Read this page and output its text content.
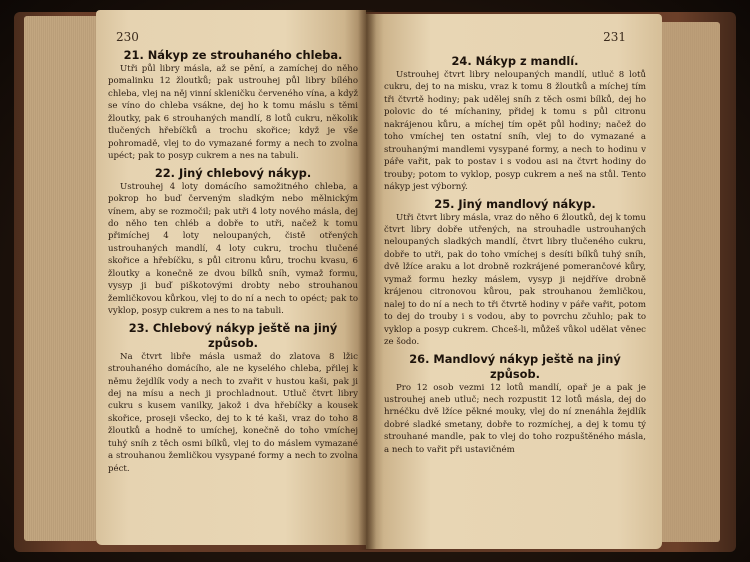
230
21. Nákyp ze strouhaného chleba.

Utři půl libry másla, až se pění, a zamíchej do něho pomalinku 12 žloutků; pak ustrouhej půl libry bílého chleba, vlej na něj vinní skleničku červeného vína, a když se víno do chleba vsákne, dej ho k tomu máslu s těmi žloutky, pak 6 strouhaných mandlí, 8 lotů cukru, několik tlučených hřebíčků a trochu skořice; když je vše pohromadě, vlej to do vymazané formy a nech to zvolna upéct; pak to posyp cukrem a nes na tabuli.

22. Jiný chlebový nákyp.

Ustrouhej 4 loty domácího samožitného chleba, a pokrop ho buď červeným sladkým nebo mělnickým vínem, aby se rozmočil; pak utři 4 loty nového másla, dej do něho ten chléb a dobře to utři, načež k tomu přimíchej 4 loty neloupaných, čistě otřených ustrouhaných mandlí, 4 loty cukru, trochu tlučené skořice a hřebíčku, s půl citronu kůru, trochu kvasu, 6 žloutky a konečně ze dvou bílků sníh, vymaž formu, vysyp ji buď piškotovými drobty nebo strouhanou žemličkovou kůrkou, vlej to do ní a nech to opéct; pak to vyklop, posyp cukrem a nes to na tabuli.

23. Chlebový nákyp ještě na jiný způsob.

Na čtvrt libře másla usmaž do zlatova 8 lžic strouhaného domácího, ale ne kyselého chleba, přilej k němu žejdlík vody a nech to zvařit v hustou kaši, pak ji dej na mísu a nech ji prochladnout. Utluč čtvrt libry cukru s kusem vanilky, jakož i dva hřebíčky a kousek skořice, proseji všecko, dej to k té kaši, vraz do toho 8 žloutků a hodně to umíchej, konečně do toho vmíchej tuhý sníh z těch osmi bílků, vlej to do máslem vymazané a strouhanou žemličkou vysypané formy a nech to zvolna péct.

231
24. Nákyp z mandlí.

Ustrouhej čtvrt libry neloupaných mandlí, utluč 8 lotů cukru, dej to na misku, vraz k tomu 8 žloutků a míchej tím tři čtvrtě hodiny; pak udělej sníh z těch osmi bílků, dej ho polovic do té míchaniny, přidej k tomu s půl citronu nakrájenou kůru, a míchej tím opět půl hodiny; načež do toho vmíchej ten ostatní sníh, vlej to do vymazané a strouhanými mandlemi vysypané formy, a nech to hodinu v páře vařit, pak to postav i s vodou asi na čtvrt hodiny do trouby; potom to vyklop, posyp cukrem a neš na stůl. Tento nákyp jest výborný.

25. Jiný mandlový nákyp.

Utři čtvrt libry másla, vraz do něho 6 žloutků, dej k tomu čtvrt libry dobře utřených, na strouhadle ustrouhaných neloupaných sladkých mandlí, čtvrt libry tlučeného cukru, dobře to utři, pak do toho vmíchej s desíti bílků tuhý sníh, dvě lžíce araku a lot drobně rozkrájené pomerančové kůry, vymaž formu hezky máslem, vysyp ji nejdříve drobně krájenou citronovou kůrou, pak strouhanou žemličkou, nalej to do ní a nech to tři čtvrtě hodiny v páře vařit, potom to dej do trouby i s vodou, aby to povrchu zčuhlo; pak to vyklop a posyp cukrem. Chceš-li, můžeš vůkol udělat věnec ze šodo.

26. Mandlový nákyp ještě na jiný způsob.

Pro 12 osob vezmi 12 lotů mandlí, opař je a pak je ustrouhej aneb utluč; nech rozpustit 12 lotů másla, dej do hrnéčku dvě lžíce pěkné mouky, vlej do ní znenáhla žejdlík dobré sladké smetany, dobře to rozmíchej, a dej k tomu tý strouhané mandle, pak to vlej do toho rozpuštěného másla, a nech to vařit při ustavičném
